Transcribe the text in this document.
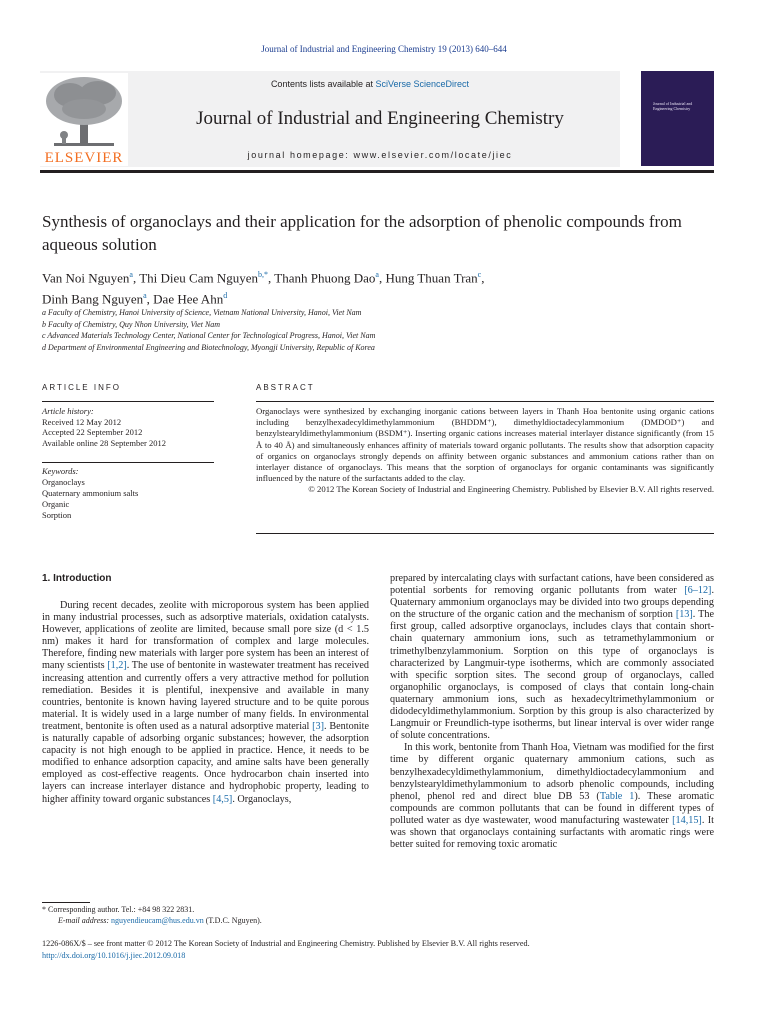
Journal of Industrial and Engineering Chemistry 19 (2013) 640–644
ELSEVIER
Contents lists available at SciVerse ScienceDirect
Journal of Industrial and Engineering Chemistry
journal homepage: www.elsevier.com/locate/jiec
Journal of Industrial and Engineering Chemistry
Synthesis of organoclays and their application for the adsorption of phenolic compounds from aqueous solution
Van Noi Nguyen$^a$, Thi Dieu Cam Nguyen$^{b,*}$, Thanh Phuong Dao$^a$, Hung Thuan Tran$^c$,
Dinh Bang Nguyen$^a$, Dae Hee Ahn$^d$
a Faculty of Chemistry, Hanoi University of Science, Vietnam National University, Hanoi, Viet Nam
b Faculty of Chemistry, Quy Nhon University, Viet Nam
c Advanced Materials Technology Center, National Center for Technological Progress, Hanoi, Viet Nam
d Department of Environmental Engineering and Biotechnology, Myongji University, Republic of Korea
ARTICLE INFO	ABSTRACT
Article history:
Received 12 May 2012
Accepted 22 September 2012
Available online 28 September 2012
Keywords:
Organoclays
Quaternary ammonium salts
Organic
Sorption
Organoclays were synthesized by exchanging inorganic cations between layers in Thanh Hoa bentonite using organic cations including benzylhexadecyldimethylammonium (BHDDM⁺), dimethyldioctadecylammonium (DMDOD⁺) and benzylstearyldimethylammonium (BSDM⁺). Inserting organic cations increases material interlayer distance significantly (from 15 Å to 40 Å) and simultaneously enhances affinity of materials toward organic pollutants. The results show that adsorption capacity of organics on organoclays strongly depends on affinity between organic substances and ammonium cations rather than on interlayer distance of organoclays. This means that the sorption of organoclays for organic contaminants was significantly influenced by the nature of the surfactants added to the clay.
© 2012 The Korean Society of Industrial and Engineering Chemistry. Published by Elsevier B.V. All rights reserved.
1. Introduction
During recent decades, zeolite with microporous system has been applied in many industrial processes, such as adsorptive materials, oxidation catalysts. However, applications of zeolite are limited, because small pore size (d < 1.5 nm) makes it hard for transformation of complex and large molecules. Therefore, finding new materials with larger pore system has been an interest of many scientists [1,2]. The use of bentonite in wastewater treatment has received increasing attention and currently offers a very attractive method for pollution remediation. Besides it is plentiful, inexpensive and available in many countries, bentonite is known having layered structure and to be quite porous material. It is widely used in a large number of many fields. In environmental treatment, bentonite is often used as a natural adsorptive material [3]. Bentonite is naturally capable of adsorbing organic substances; however, the adsorption capacity is not high enough to be applied in practice. Hence, it needs to be modified to enhance adsorption capacity, and amine salts have been generally employed as cost-effective reagents. Once hydrocarbon chain inserted into layers can increase interlayer distance and hydrophobic property, leading to higher affinity toward organic substances [4,5]. Organoclays,

prepared by intercalating clays with surfactant cations, have been considered as potential sorbents for removing organic pollutants from water [6–12]. Quaternary ammonium organoclays may be divided into two groups depending on the structure of the organic cation and the mechanism of sorption [13]. The first group, called adsorptive organoclays, includes clays that contain short-chain quaternary ammonium ions, such as tetramethylammonium or trimethylbenzylammonium. Sorption on this type of organoclays is characterized by Langmuir-type isotherms, which are commonly associated with specific sorption sites. The second group of organoclays, called organophilic organoclays, is composed of clays that contain long-chain quaternary ammonium ions, such as hexadecyltrimethylammonium or didodecyldimethylammonium. Sorption by this group is also characterized by Langmuir or Freundlich-type isotherms, but linear interval is over wider range of solute concentrations.

In this work, bentonite from Thanh Hoa, Vietnam was modified for the first time by different organic quaternary ammonium cations, such as benzylhexadecyldimethylammonium, dimethyldioctadecylammonium and benzylstearyldimethylammonium to adsorb phenolic compounds, including phenol, phenol red and direct blue DB 53 (Table 1). These aromatic compounds are common pollutants that can be found in different types of polluted water as dye wastewater, wood manufacturing wastewater [14,15]. It was shown that organoclays containing surfactants with aromatic rings were better suited for removing toxic aromatic

* Corresponding author. Tel.: +84 98 322 2831.
E-mail address: nguyendieucam@hus.edu.vn (T.D.C. Nguyen).
1226-086X/$ – see front matter © 2012 The Korean Society of Industrial and Engineering Chemistry. Published by Elsevier B.V. All rights reserved.
http://dx.doi.org/10.1016/j.jiec.2012.09.018
